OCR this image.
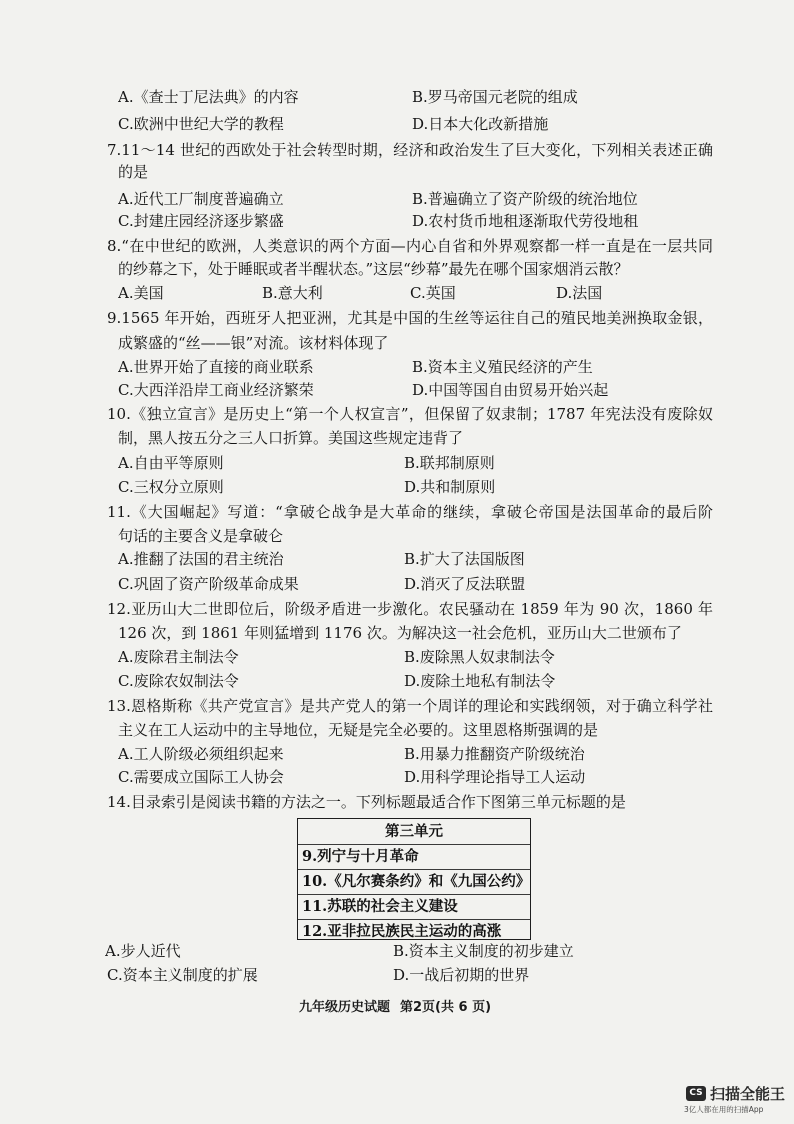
A.《查士丁尼法典》的内容	B.罗马帝国元老院的组成
C.欧洲中世纪大学的教程	D.日本大化改新措施
7.11～14 世纪的西欧处于社会转型时期，经济和政治发生了巨大变化，下列相关表述正确
的是
A.近代工厂制度普遍确立	B.普遍确立了资产阶级的统治地位
C.封建庄园经济逐步繁盛	D.农村货币地租逐渐取代劳役地租
8.“在中世纪的欧洲，人类意识的两个方面—内心自省和外界观察都一样一直是在一层共同
的纱幕之下，处于睡眠或者半醒状态。”这层“纱幕”最先在哪个国家烟消云散？
A.美国	B.意大利	C.英国	D.法国
9.1565 年开始，西班牙人把亚洲，尤其是中国的生丝等运往自己的殖民地美洲换取金银，
成繁盛的“丝——银”对流。该材料体现了
A.世界开始了直接的商业联系	B.资本主义殖民经济的产生
C.大西洋沿岸工商业经济繁荣	D.中国等国自由贸易开始兴起
10.《独立宣言》是历史上“第一个人权宣言”，但保留了奴隶制；1787 年宪法没有废除奴
制，黑人按五分之三人口折算。美国这些规定违背了
A.自由平等原则	B.联邦制原则
C.三权分立原则	D.共和制原则
11.《大国崛起》写道：“拿破仑战争是大革命的继续，拿破仑帝国是法国革命的最后阶
句话的主要含义是拿破仑
A.推翻了法国的君主统治	B.扩大了法国版图
C.巩固了资产阶级革命成果	D.消灭了反法联盟
12.亚历山大二世即位后，阶级矛盾进一步激化。农民骚动在 1859 年为 90 次，1860 年
126 次，到 1861 年则猛增到 1176 次。为解决这一社会危机，亚历山大二世颁布了
A.废除君主制法令	B.废除黑人奴隶制法令
C.废除农奴制法令	D.废除土地私有制法令
13.恩格斯称《共产党宣言》是共产党人的第一个周详的理论和实践纲领，对于确立科学社
主义在工人运动中的主导地位，无疑是完全必要的。这里恩格斯强调的是
A.工人阶级必须组织起来	B.用暴力推翻资产阶级统治
C.需要成立国际工人协会	D.用科学理论指导工人运动
14.目录索引是阅读书籍的方法之一。下列标题最适合作下图第三单元标题的是
第三单元
9.列宁与十月革命
10.《凡尔赛条约》和《九国公约》
11.苏联的社会主义建设
12.亚非拉民族民主运动的高涨
A.步人近代	B.资本主义制度的初步建立
C.资本主义制度的扩展	D.一战后初期的世界
九年级历史试题 第2页(共 6 页)
CS 扫描全能王
3亿人都在用的扫描App
